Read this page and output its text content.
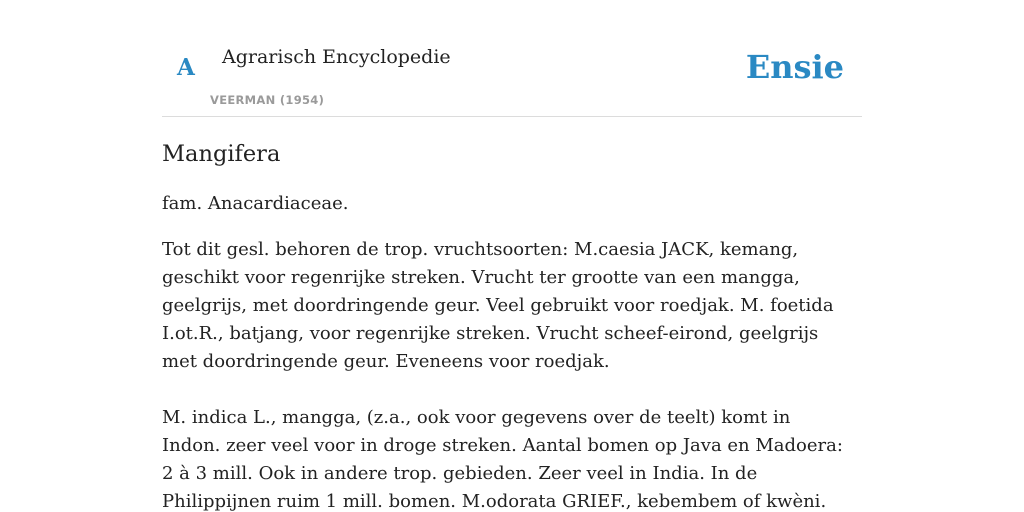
A Agrarisch Encyclopedie
VEERMAN (1954)
Ensie
Mangifera

fam. Anacardiaceae.

Tot dit gesl. behoren de trop. vruchtsoorten: M.caesia JACK, kemang, geschikt voor regenrijke streken. Vrucht ter grootte van een mangga, geelgrijs, met doordringende geur. Veel gebruikt voor roedjak. M. foetida I.ot.R., batjang, voor regenrijke streken. Vrucht scheef-eirond, geelgrijs met doordringende geur. Eveneens voor roedjak.

M. indica L., mangga, (z.a., ook voor gegevens over de teelt) komt in Indon. zeer veel voor in droge streken. Aantal bomen op Java en Madoera: 2 à 3 mill. Ook in andere trop. gebieden. Zeer veel in India. In de Philippijnen ruim 1 mill. bomen. M.odorata GRIEF., kebembem of kwèni.
